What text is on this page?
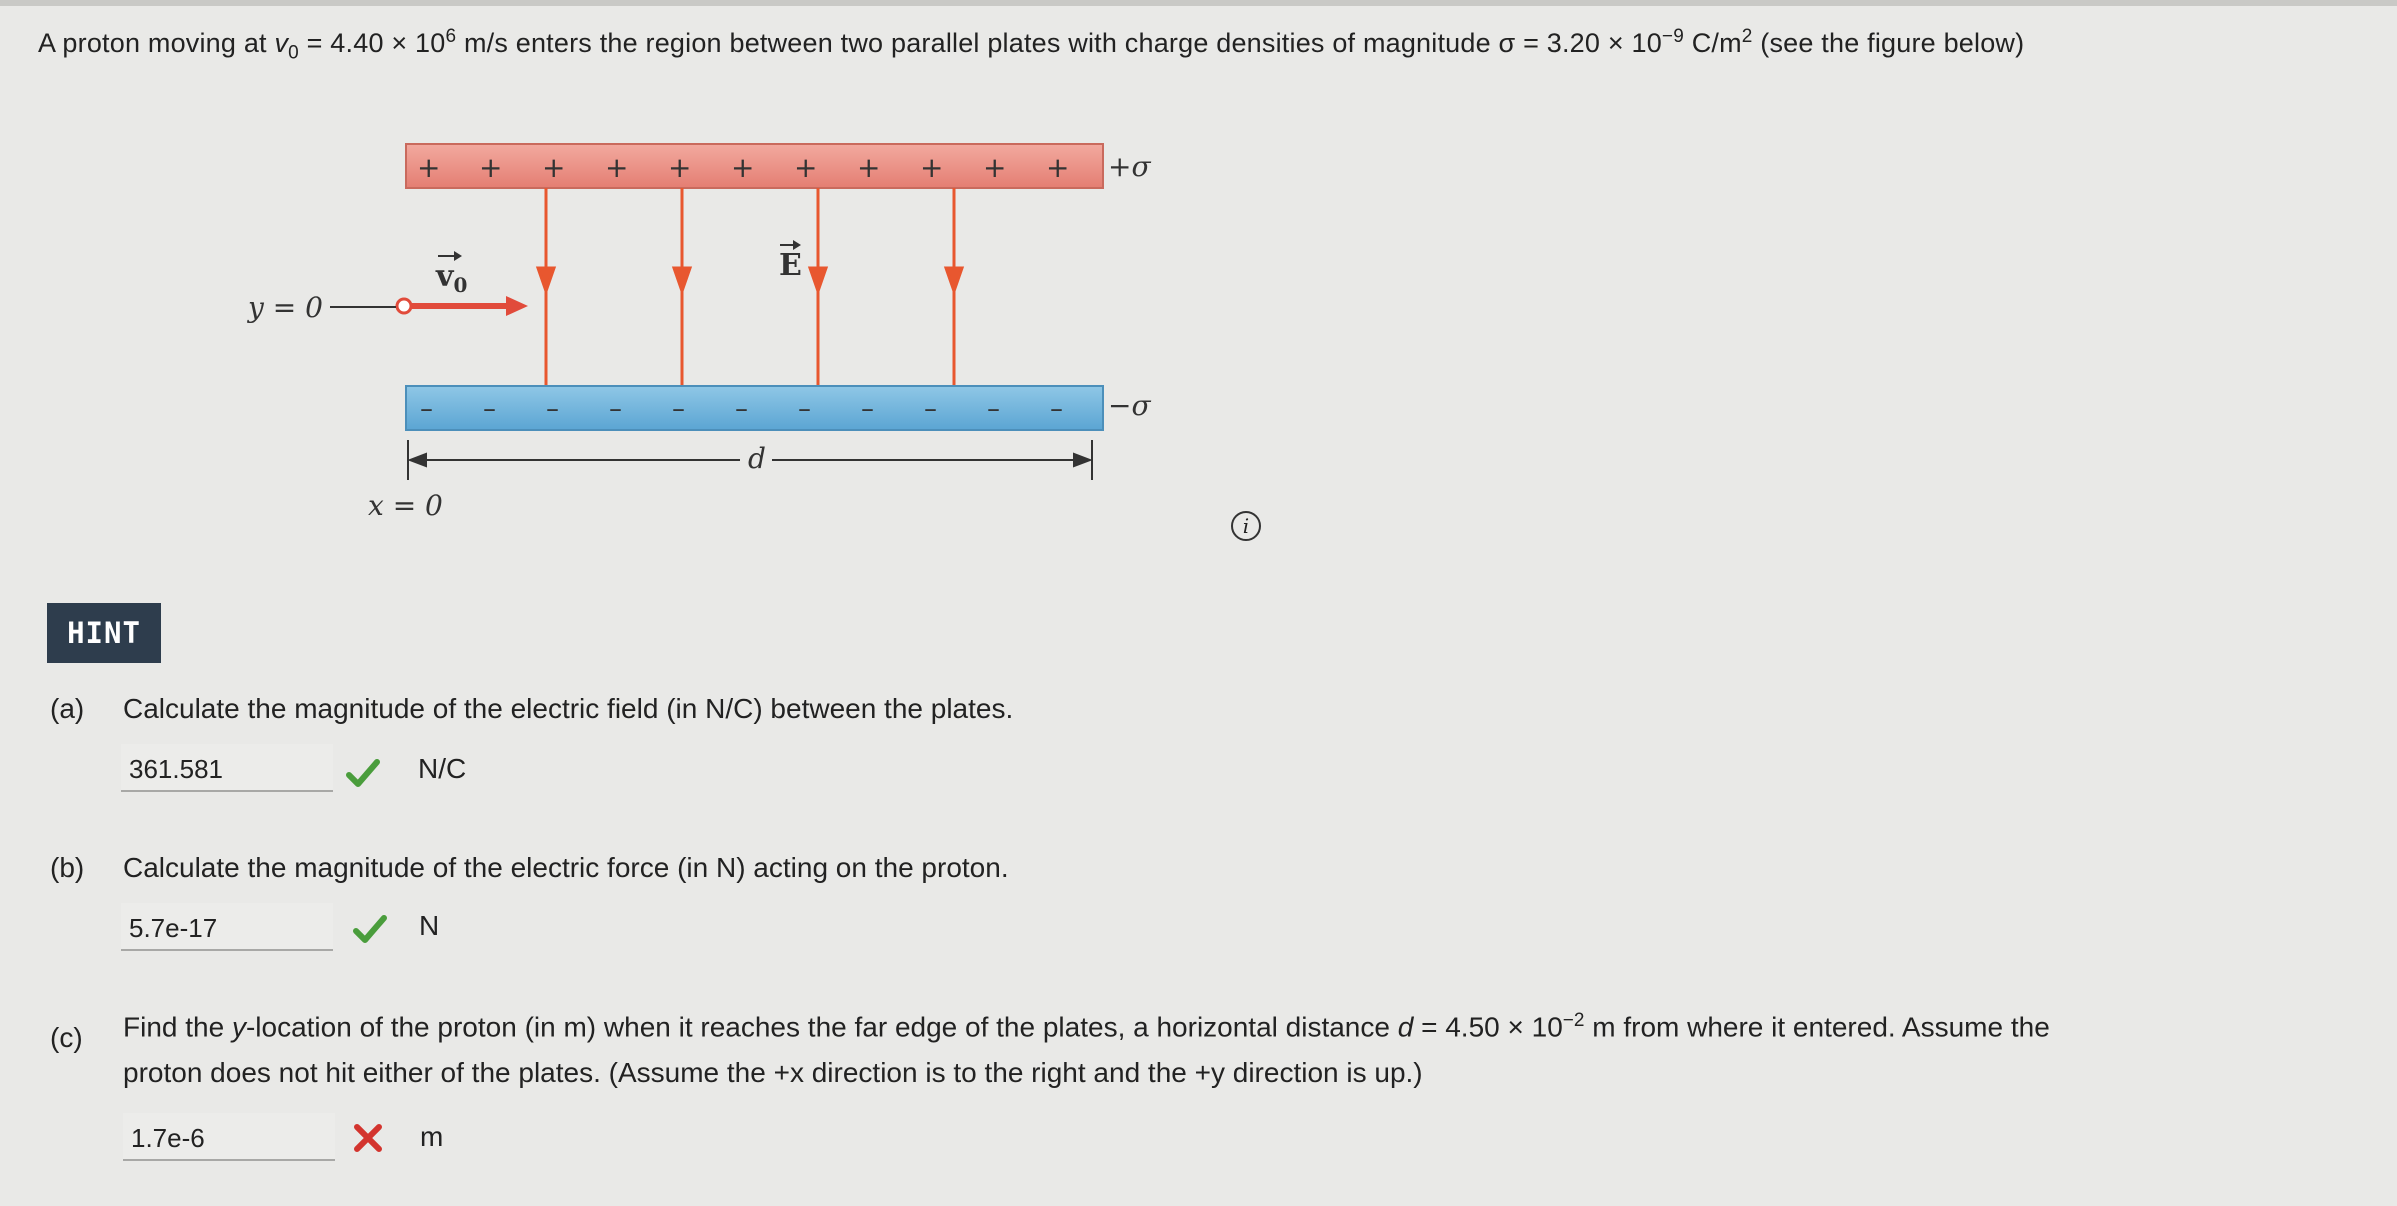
A proton moving at $v_0 = 4.40 \times 10^6$ m/s enters the region between two parallel plates with charge densities of magnitude $\sigma = 3.20 \times 10^{-9}$ $C/m^2$ (see the figure below)
+ + + + + + + + + + + +σ
E
$v_0$
y = 0
– – – – – – – – – – – −σ
d
x = 0
i
HINT
(a) Calculate the magnitude of the electric field (in N/C) between the plates.
361.581	N/C
(b) Calculate the magnitude of the electric force (in N) acting on the proton.
5.7e-17	N
(c) Find the y-location of the proton (in m) when it reaches the far edge of the plates, a horizontal distance $d = 4.50 \times 10^{-2}$ m from where it entered. Assume the
proton does not hit either of the plates. (Assume the +x direction is to the right and the +y direction is up.)
1.7e-6	m
